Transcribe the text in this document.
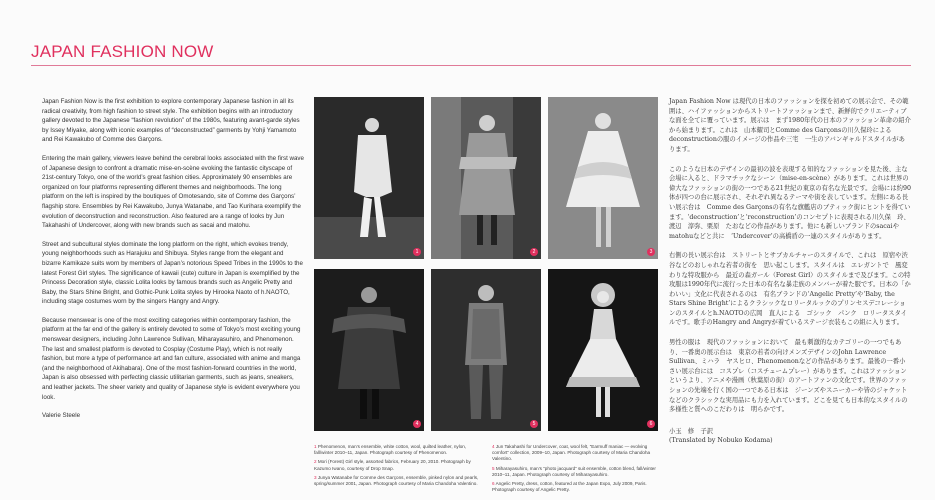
JAPAN FASHION NOW

Japan Fashion Now is the first exhibition to explore contemporary Japanese fashion in all its radical creativity, from high fashion to street style. The exhibition begins with an introductory gallery devoted to the Japanese “fashion revolution” of the 1980s, featuring avant-garde styles by Issey Miyake, along with iconic examples of “deconstructed” garments by Yohji Yamamoto and Rei Kawakubo of Comme des Garçons.

Entering the main gallery, viewers leave behind the cerebral looks associated with the first wave of Japanese design to confront a dramatic mise-en-scène evoking the fantastic cityscape of 21st-century Tokyo, one of the world’s great fashion cities. Approximately 90 ensembles are organized on four platforms representing different themes and neighborhoods. The long platform on the left is inspired by the boutiques of Omotesando, site of Comme des Garçons’ flagship store. Ensembles by Rei Kawakubo, Junya Watanabe, and Tao Kurihara exemplify the evolution of deconstruction and reconstruction. Also featured are a range of looks by Jun Takahashi of Undercover, along with new brands such as sacai and matohu.

Street and subcultural styles dominate the long platform on the right, which evokes trendy, young neighborhoods such as Harajuku and Shibuya. Styles range from the elegant and bizarre Kamikaze suits worn by members of Japan’s notorious Speed Tribes in the 1990s to the latest Forest Girl styles. The significance of kawaii (cute) culture in Japan is exemplified by the Princess Decoration style, classic Lolita looks by famous brands such as Angelic Pretty and Baby, the Stars Shine Bright, and Gothic-Punk Lolita styles by Hirooka Naoto of h.NAOTO, including stage costumes worn by the singers Hangry and Angry.

Because menswear is one of the most exciting categories within contemporary fashion, the platform at the far end of the gallery is entirely devoted to some of Tokyo’s most exciting young menswear designers, including John Lawrence Sullivan, Miharayasuhiro, and Phenomenon. The last and smallest platform is devoted to Cosplay (Costume Play), which is not really fashion, but more a type of performance art and fan culture, associated with anime and manga (and the neighborhood of Akihabara). One of the most fashion-forward countries in the world, Japan is also obsessed with perfecting classic utilitarian garments, such as jeans, sneakers, and leather jackets. The sheer variety and quality of Japanese style is evident everywhere you look.

Valerie Steele

1	2	3
4	5	6

1 Phenomenon, man’s ensemble, white cotton, wool, quilted leather, nylon, fall/winter 2010–11, Japan. Photograph courtesy of Phenomenon.

2 Mori (Forest) Girl style, assorted fabrics, February 20, 2010. Photograph by Kazumo Iwano, courtesy of Drop Snap.

3 Junya Watanabe for Comme des Garçons, ensemble, pinked nylon and pearls, spring/summer 2001, Japan. Photograph courtesy of Maria Chandoha Valentino.

4 Jun Takahashi for Undercover, coat, wool felt, “Earmuff maniac — evolving comfort” collection, 2009–10, Japan. Photograph courtesy of Maria Chandoha Valentino.

5 Miharayasuhiro, man’s “photo jacquard” suit ensemble, cotton blend, fall/winter 2010–11, Japan. Photograph courtesy of Miharayasuhiro.

6 Angelic Pretty, dress, cotton, featured at the Japan Expo, July 2009, Paris. Photograph courtesy of Angelic Pretty.

Japan Fashion Now は現代の日本のファッションを探を初めての展示会で、その範囲は、ハイファッションからストリートファッションまで、新鮮的でクリエーティブな面を全てに覆っています。展示は　まず1980年代の日本のファッション革命の紹介から始まります。これは　山本耀司とComme des Garçonsの川久保玲によるdeconstructionの服のイメージの作品や三宅　一生のアバンギャルドスタイルがあります。

このような日本のデザインの最初の波を表現する知的なファッションを見た後、主な会場に入ると、ドラマチックなシーン（mise-en-scène）があります。これは世界の偉大なファッションの街の一つである21世紀の東京の有名な光景です。会場には約90体が四つの台に展示され、それぞれ異なるテーマや街を表しています。左側にある長い展示台は　Comme des Garçonsの有名な旗艦店のブティック街にヒントを得ています。‘deconstruction’と‘reconstruction’のコンセプトに表現される川久保　玲、渡辺　淳弥、栗原　たおなどの作品があります。他にも新しいブランドのsacaiやmatohuなどと共に　‘Undercover’の高橋盾の一連のスタイルがあります。

右側の長い展示台は　ストリートとサブカルチャーのスタイルで、これは　原宿や渋谷などのおしゃれな若者の街を　思い起こします。スタイルは　エレガントで　風変わりな特攻服から　最近の森ガール（Forest Girl）のスタイルまで及びます。この特攻服は1990年代に流行った日本の有名な暴走族のメンバーが着た服です。日本の「かわいい」文化に代表されるのは　有名ブランドの‘Angelic Pretty’や‘Baby, the Stars Shine Bright’によるクラシックなロリータルックのプリンセスデコレーションのスタイルとh.NAOTOの広岡　直人による　ゴシック　パンク　ロリータスタイルです。歌手のHangry and Angryが着ているステージ衣装もこの組に入ります。

男性の服は　現代のファッションにおいて　最も刺激的なカテゴリーの一つでもあり、一番奥の展示台は　東京の若者の向けメンズデザインのJohn Lawrence Sullivan、ミハラ　ヤスヒロ、Phenomenonなどの作品があります。最後の一番小さい展示台には　コスプレ（コスチュームプレー）があります。これはファッションというより、アニメや漫画（秋葉原の街）のアートファンの文化です。世界のファッションの先端を行く国の一つである日本は　ジーンズやスニーカーや皆のジャケットなどのクラシックな実用品にも力を入れています。どこを見ても日本的なスタイルの多様性と質へのこだわりは　明らかです。

小玉　修　子訳
(Translated by Nobuko Kodama)
